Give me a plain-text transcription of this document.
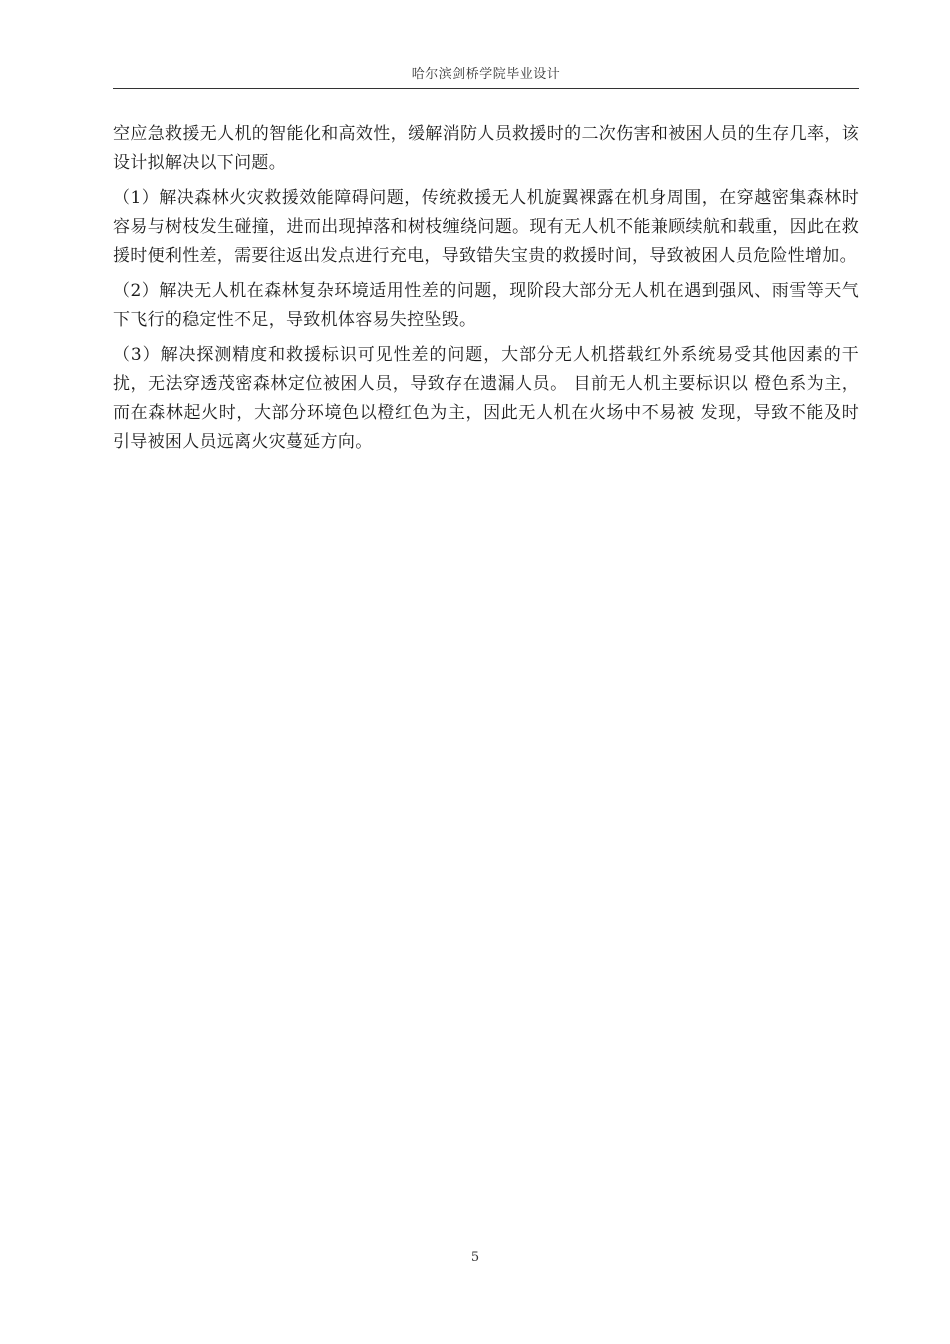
哈尔滨剑桥学院毕业设计

空应急救援无人机的智能化和高效性，缓解消防人员救援时的二次伤害和被困人员的生存几率，该设计拟解决以下问题。

（1）解决森林火灾救援效能障碍问题，传统救援无人机旋翼裸露在机身周围，在穿越密集森林时容易与树枝发生碰撞，进而出现掉落和树枝缠绕问题。现有无人机不能兼顾续航和载重，因此在救援时便利性差，需要往返出发点进行充电，导致错失宝贵的救援时间，导致被困人员危险性增加。

（2）解决无人机在森林复杂环境适用性差的问题，现阶段大部分无人机在遇到强风、雨雪等天气下飞行的稳定性不足，导致机体容易失控坠毁。

（3）解决探测精度和救援标识可见性差的问题，大部分无人机搭载红外系统易受其他因素的干扰，无法穿透茂密森林定位被困人员，导致存在遗漏人员。 目前无人机主要标识以 橙色系为主，而在森林起火时，大部分环境色以橙红色为主，因此无人机在火场中不易被 发现，导致不能及时引导被困人员远离火灾蔓延方向。

5
